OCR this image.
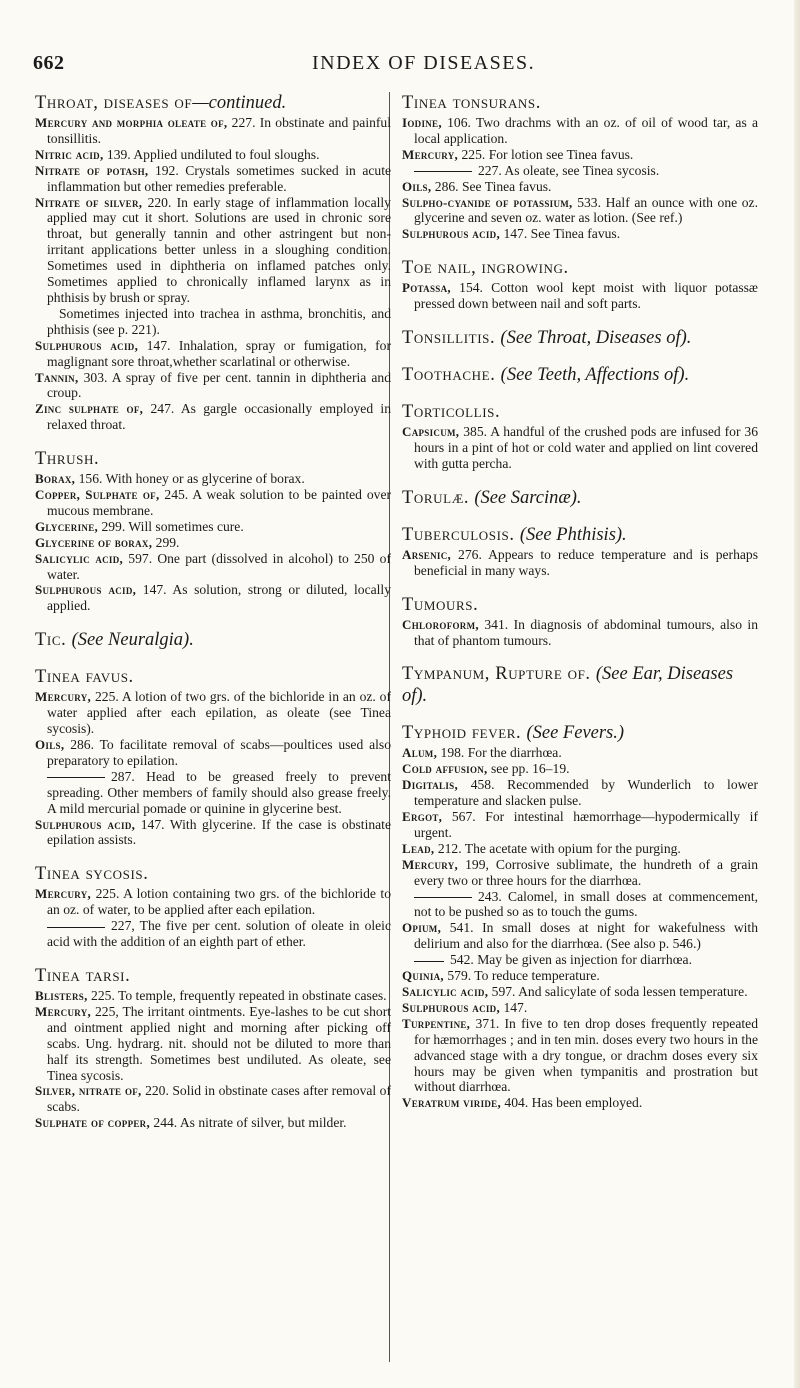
662	INDEX OF DISEASES.
Throat, diseases of—continued.

Mercury and morphia oleate of, 227. In obstinate and painful tonsillitis.

Nitric acid, 139. Applied undiluted to foul sloughs.

Nitrate of potash, 192. Crystals sometimes sucked in acute inflammation but other remedies preferable.

Nitrate of silver, 220. In early stage of inflammation locally applied may cut it short. Solutions are used in chronic sore throat, but generally tannin and other astringent but non-irritant applications better unless in a sloughing condition. Sometimes used in diphtheria on inflamed patches only. Sometimes applied to chronically inflamed larynx as in phthisis by brush or spray.

Sometimes injected into trachea in asthma, bronchitis, and phthisis (see p. 221).

Sulphurous acid, 147. Inhalation, spray or fumigation, for maglignant sore throat,whether scarlatinal or otherwise.

Tannin, 303. A spray of five per cent. tannin in diphtheria and croup.

Zinc sulphate of, 247. As gargle occasionally employed in relaxed throat.

Thrush.

Borax, 156. With honey or as glycerine of borax.

Copper, Sulphate of, 245. A weak solution to be painted over mucous membrane.

Glycerine, 299. Will sometimes cure.

Glycerine of borax, 299.

Salicylic acid, 597. One part (dissolved in alcohol) to 250 of water.

Sulphurous acid, 147. As solution, strong or diluted, locally applied.

Tic. (See Neuralgia).
Tinea favus.

Mercury, 225. A lotion of two grs. of the bichloride in an oz. of water applied after each epilation, as oleate (see Tinea sycosis).

Oils, 286. To facilitate removal of scabs—poultices used also preparatory to epilation.

287. Head to be greased freely to prevent spreading. Other members of family should also grease freely. A mild mercurial pomade or quinine in glycerine best.

Sulphurous acid, 147. With glycerine. If the case is obstinate epilation assists.

Tinea sycosis.

Mercury, 225. A lotion containing two grs. of the bichloride to an oz. of water, to be applied after each epilation.

227, The five per cent. solution of oleate in oleic acid with the addition of an eighth part of ether.

Tinea tarsi.

Blisters, 225. To temple, frequently repeated in obstinate cases.

Mercury, 225, The irritant ointments. Eye-lashes to be cut short and ointment applied night and morning after picking off scabs. Ung. hydrarg. nit. should not be diluted to more than half its strength. Sometimes best undiluted. As oleate, see Tinea sycosis.

Silver, nitrate of, 220. Solid in obstinate cases after removal of scabs.

Sulphate of copper, 244. As nitrate of silver, but milder.

Tinea tonsurans.

Iodine, 106. Two drachms with an oz. of oil of wood tar, as a local application.

Mercury, 225. For lotion see Tinea favus.

227. As oleate, see Tinea sycosis.

Oils, 286. See Tinea favus.

Sulpho-cyanide of potassium, 533. Half an ounce with one oz. glycerine and seven oz. water as lotion. (See ref.)

Sulphurous acid, 147. See Tinea favus.

Toe nail, ingrowing.

Potassa, 154. Cotton wool kept moist with liquor potassæ pressed down between nail and soft parts.

Tonsillitis. (See Throat, Diseases of).
Toothache. (See Teeth, Affections of).
Torticollis.

Capsicum, 385. A handful of the crushed pods are infused for 36 hours in a pint of hot or cold water and applied on lint covered with gutta percha.

Torulæ. (See Sarcinæ).
Tuberculosis. (See Phthisis).

Arsenic, 276. Appears to reduce temperature and is perhaps beneficial in many ways.

Tumours.

Chloroform, 341. In diagnosis of abdominal tumours, also in that of phantom tumours.

Tympanum, Rupture of. (See Ear, Diseases of).
Typhoid fever. (See Fevers.)

Alum, 198. For the diarrhœa.

Cold affusion, see pp. 16–19.

Digitalis, 458. Recommended by Wunderlich to lower temperature and slacken pulse.

Ergot, 567. For intestinal hæmorrhage—hypodermically if urgent.

Lead, 212. The acetate with opium for the purging.

Mercury, 199, Corrosive sublimate, the hundreth of a grain every two or three hours for the diarrhœa.

243. Calomel, in small doses at commencement, not to be pushed so as to touch the gums.

Opium, 541. In small doses at night for wakefulness with delirium and also for the diarrhœa. (See also p. 546.)

542. May be given as injection for diarrhœa.

Quinia, 579. To reduce temperature.

Salicylic acid, 597. And salicylate of soda lessen temperature.

Sulphurous acid, 147.

Turpentine, 371. In five to ten drop doses frequently repeated for hæmorrhages ; and in ten min. doses every two hours in the advanced stage with a dry tongue, or drachm doses every six hours may be given when tympanitis and prostration but without diarrhœa.

Veratrum viride, 404. Has been employed.
